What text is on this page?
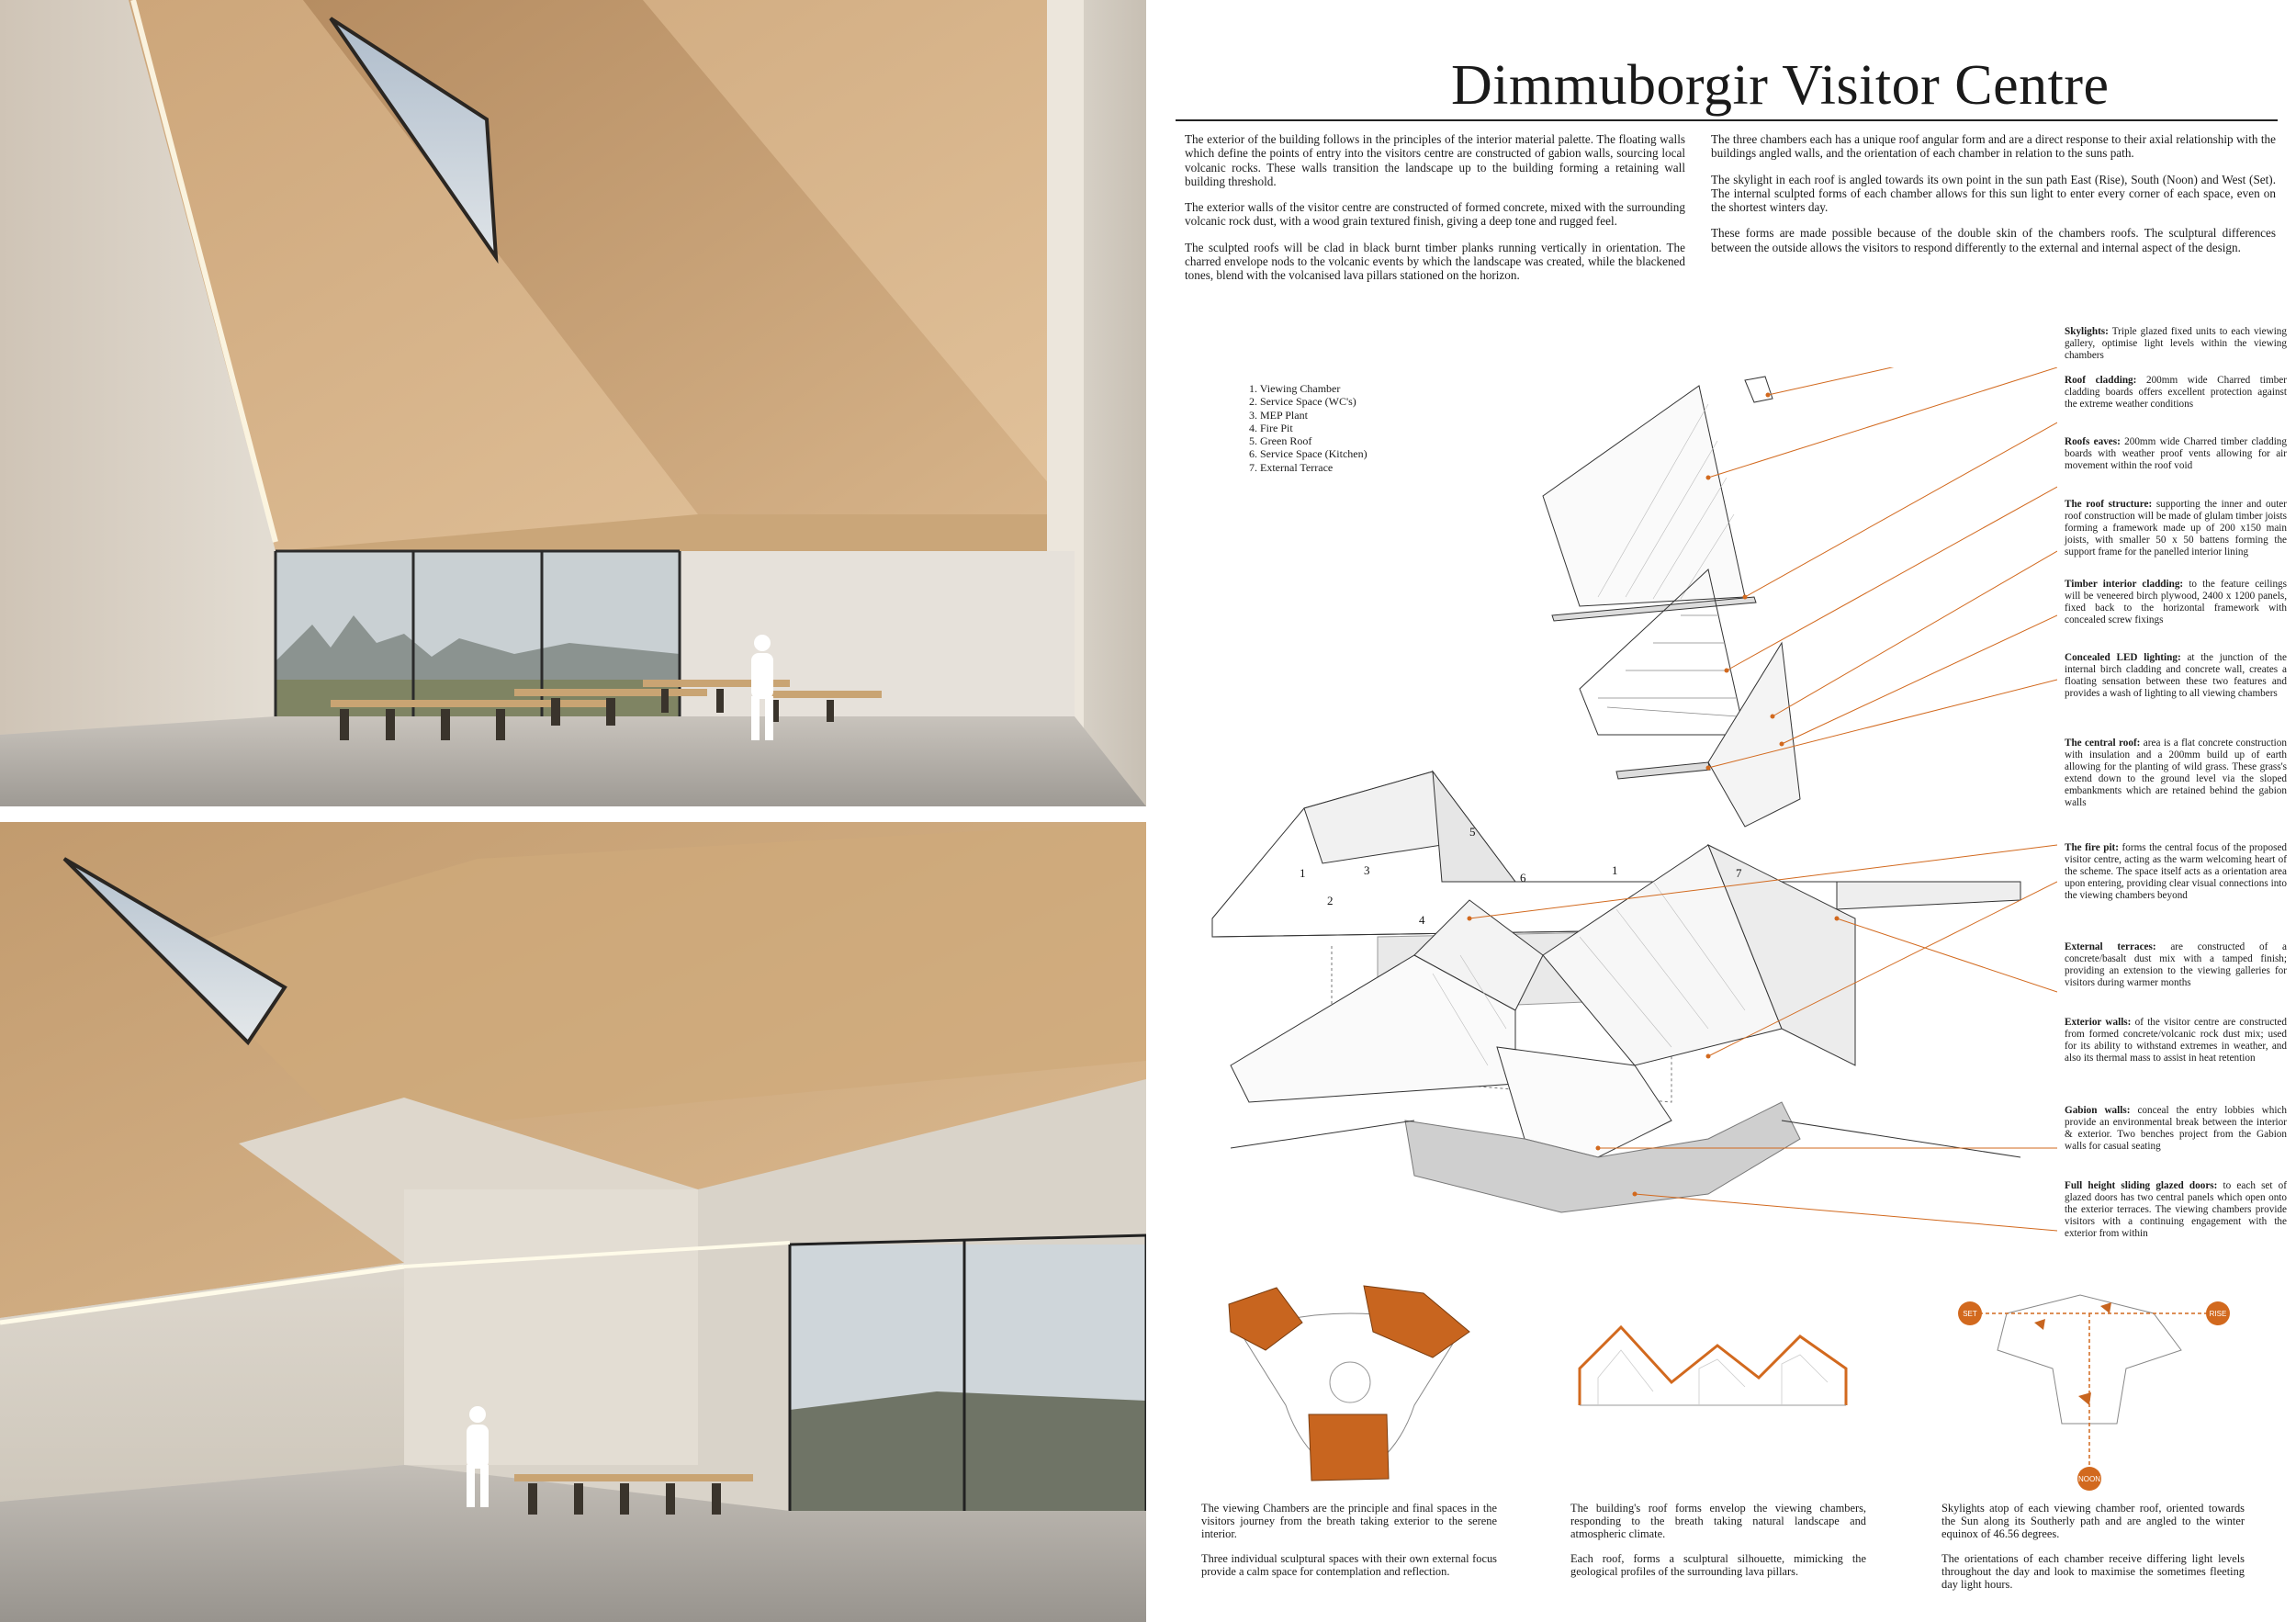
Dimmuborgir Visitor Centre

The exterior of the building follows in the principles of the interior material palette. The floating walls which define the points of entry into the visitors centre are constructed of gabion walls, sourcing local volcanic rocks. These walls transition the landscape up to the building forming a retaining wall building threshold.

The exterior walls of the visitor centre are constructed of formed concrete, mixed with the surrounding volcanic rock dust, with a wood grain textured finish, giving a deep tone and rugged feel.

The sculpted roofs will be clad in black burnt timber planks running vertically in orientation. The charred envelope nods to the volcanic events by which the landscape was created, while the blackened tones, blend with the volcanised lava pillars stationed on the horizon.

The three chambers each has a unique roof angular form and are a direct response to their axial relationship with the buildings angled walls, and the orientation of each chamber in relation to the suns path.

The skylight in each roof is angled towards its own point in the sun path East (Rise), South (Noon) and West (Set). The internal sculpted forms of each chamber allows for this sun light to enter every corner of each space, even on the shortest winters day.

These forms are made possible because of the double skin of the chambers roofs. The sculptural differences between the outside allows the visitors to respond differently to the external and internal aspect of the design.

1. Viewing Chamber
2. Service Space (WC's)
3. MEP Plant
4. Fire Pit
5. Green Roof
6. Service Space (Kitchen)
7. External Terrace
1
2
3
4
5
6
1	7
Skylights: Triple glazed fixed units to each viewing gallery, optimise light levels within the viewing chambers
Roof cladding: 200mm wide Charred timber cladding boards offers excellent protection against the extreme weather conditions
Roofs eaves: 200mm wide Charred timber cladding boards with weather proof vents allowing for air movement within the roof void
The roof structure: supporting the inner and outer roof construction will be made of glulam timber joists forming a framework made up of 200 x150 main joists, with smaller 50 x 50 battens forming the support frame for the panelled interior lining
Timber interior cladding: to the feature ceilings will be veneered birch plywood, 2400 x 1200 panels, fixed back to the horizontal framework with concealed screw fixings
Concealed LED lighting: at the junction of the internal birch cladding and concrete wall, creates a floating sensation between these two features and provides a wash of lighting to all viewing chambers
The central roof: area is a flat concrete construction with insulation and a 200mm build up of earth allowing for the planting of wild grass. These grass's extend down to the ground level via the sloped embankments which are retained behind the gabion walls
The fire pit: forms the central focus of the proposed visitor centre, acting as the warm welcoming heart of the scheme. The space itself acts as a orientation area upon entering, providing clear visual connections into the viewing chambers beyond
External terraces: are constructed of a concrete/basalt dust mix with a tamped finish; providing an extension to the viewing galleries for visitors during warmer months
Exterior walls: of the visitor centre are constructed from formed concrete/volcanic rock dust mix; used for its ability to withstand extremes in weather, and also its thermal mass to assist in heat retention
Gabion walls: conceal the entry lobbies which provide an environmental break between the interior & exterior. Two benches project from the Gabion walls for casual seating
Full height sliding glazed doors: to each set of glazed doors has two central panels which open onto the exterior terraces. The viewing chambers provide visitors with a continuing engagement with the exterior from within
SET	RISE
NOON

The viewing Chambers are the principle and final spaces in the visitors journey from the breath taking exterior to the serene interior.

Three individual sculptural spaces with their own external focus provide a calm space for contemplation and reflection.

The building's roof forms envelop the viewing chambers, responding to the breath taking natural landscape and atmospheric climate.

Each roof, forms a sculptural silhouette, mimicking the geological profiles of the surrounding lava pillars.

Skylights atop of each viewing chamber roof, oriented towards the Sun along its Southerly path and are angled to the winter equinox of 46.56 degrees.

The orientations of each chamber receive differing light levels throughout the day and look to maximise the sometimes fleeting day light hours.
